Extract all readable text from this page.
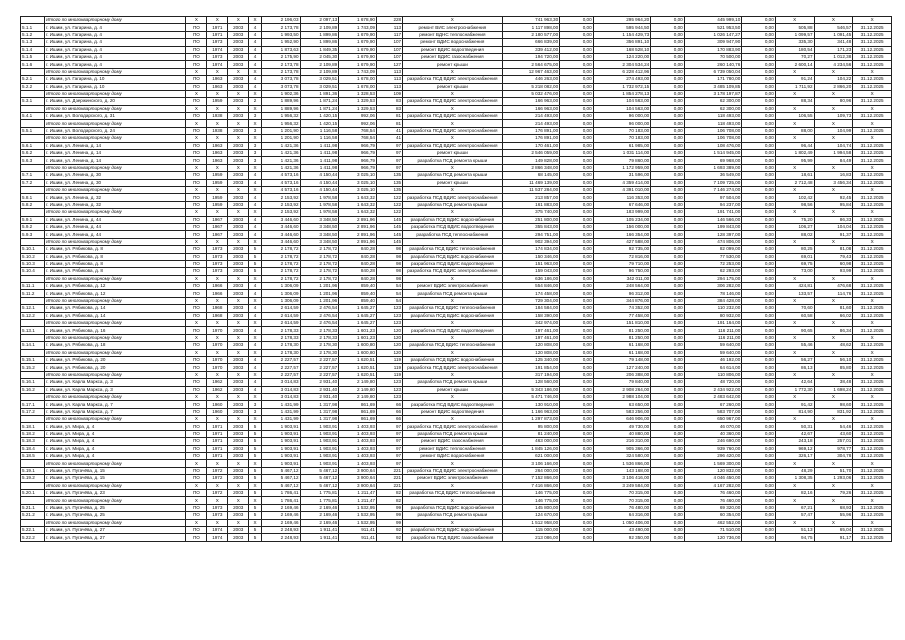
	Итого по многоквартирному дому	X	X	X	X	2 196,03	2 097,13	1 678,90	228	X	741 963,30	0,00	295 964,20	0,00	445 999,10	0,00	X	X	X
5.1.1	г. Ишим, ул. Гагарина, д. 4	ПО	1971	2003	4	2 173,78	2 109,89	1 743,09	113	ремонт ВИС электроснабжения	1 117 898,00	0,00	595 944,50	0,00	521 953,50	0,00	505,88	546,57	31.12.2025
5.1.2	г. Ишим, ул. Гагарина, д. 4	ПО	1971	2003	4	1 993,50	1 899,86	1 679,90	117	ремонт ВДНС теплоснабжения	2 180 577,00	0,00	1 154 429,73	0,00	1 026 147,27	0,00	1 099,57	1 091,45	31.12.2025
5.1.3	г. Ишим, ул. Гагарина, д. 4	ПО	1973	2003	4	1 952,90	1 899,86	1 679,90	107	ремонт ВДИС водоснабжения	666 839,00	0,00	356 891,10	0,00	309 947,90	0,00	335,30	341,48	31.12.2025
5.1.4	г. Ишим, ул. Гагарина, д. 4	ПО	1974	2003	4	1 873,63	1 849,35	1 679,90	107	ремонт ВДИС водоотведения	339 412,00	0,00	168 528,10	0,00	170 883,90	0,00	180,54	171,23	31.12.2025
5.1.5	г. Ишим, ул. Гагарина, д. 4	ПО	1973	2003	4	2 175,90	2 045,30	1 679,90	107	ремонт ВДИС газоснабжения	194 720,00	0,00	124 220,00	0,00	70 500,00	0,00	70,27	1 012,38	31.12.2025
5.1.6	г. Ишим, ул. Гагарина, д. 4	ПО	1974	2003	4	2 173,78	2 109,89	1 679,90	127	ремонт крыши	2 564 675,00	0,00	2 304 534,24	0,00	260 140,76	0,00	2 600,14	4 234,56	31.12.2025
	Итого по многоквартирному дому	X	X	X	X	2 173,78	2 109,89	1 743,09	113	X	12 967 463,00	0,00	6 228 412,96	0,00	6 739 050,04	0,00	X	X	X
5.2.1	г. Ишим, ул. Гагарина, д. 10	ПО	1963	2003	4	3 073,78	3 029,51	1 678,00	113	разработка ПСД ВДИС электроснабжения	446 263,00	0,00	274 493,00	0,00	171 780,00	0,00	91,24	104,22	31.12.2025
5.2.2	г. Ишим, ул. Гагарина, д. 10	ПО	1963	2003	4	3 073,78	3 029,51	1 678,00	113	ремонт крыши	5 218 082,00	0,00	1 732 972,15	0,00	3 485 109,85	0,00	1 711,92	2 866,20	31.12.2025
	Итого по многоквартирному дому	X	X	X	X	1 902,36	1 891,36	1 328,53	109	X	5 032 476,00	0,00	1 854 278,13	0,00	3 178 197,87	0,00	X	X	X
5.3.1	г. Ишим, ул. Дзержинского, д. 20	ПО	1959	2003	2	1 889,96	1 871,24	1 329,53	83	разработка ПСД ВДИС электроснабжения	166 963,00	0,00	104 563,00	0,00	62 300,00	0,00	88,34	80,96	31.12.2025
	Итого по многоквартирному дому	X	X	X	X	1 889,96	1 871,24	1 329,53	83	X	166 963,00	0,00	104 563,00	0,00	62 300,00	0,00	X	X	X
5.4.1	г. Ишим, ул. Володарского, д. 31	ПО	1938	2003	3	1 956,32	1 420,15	992,06	81	разработка ПСД ВДИС электроснабжения	214 493,00	0,00	96 000,00	0,00	118 493,00	0,00	106,55	109,73	31.12.2025
	Итого по многоквартирному дому	X	X	X	X	1 956,32	1 420,15	992,06	81	X	214 493,00	0,00	96 000,00	0,00	118 493,00	0,00	X	X	X
5.5.1	г. Ишим, ул. Володарского, д. 24	ПО	1938	2003	3	1 201,90	1 116,58	768,54	41	разработка ПСД ВДИС электроснабжения	176 891,00	0,00	70 183,00	0,00	106 708,00	0,00	88,00	104,99	31.12.2025
	Итого по многоквартирному дому	X	X	X	X	1 201,90	1 116,58	768,54	41	X	176 891,00	0,00	70 183,00	0,00	106 708,00	0,00	X	X	X
5.6.1	г. Ишим, ул. Ленина, д. 14	ПО	1963	2003	3	1 421,36	1 411,98	966,79	97	разработка ПСД ВДИС электроснабжения	170 461,00	0,00	61 985,00	0,00	108 476,00	0,00	96,44	104,74	31.12.2025
5.6.2	г. Ишим, ул. Ленина, д. 14	ПО	1963	2003	3	1 421,36	1 411,98	966,79	97	ремонт крыши	2 546 059,00	0,00	1 031 114,00	0,00	1 514 945,00	0,00	1 802,49	1 994,58	31.12.2025
5.6.3	г. Ишим, ул. Ленина, д. 14	ПО	1963	2003	3	1 421,36	1 411,98	966,79	97	разработка ПСД ремонта крыши	149 828,00	0,00	79 860,00	0,00	69 968,00	0,00	95,99	84,49	31.12.2025
	Итого по многоквартирному дому	X	X	X	X	1 421,36	1 411,98	966,79	97	X	2 866 348,00	0,00	1 172 959,00	0,00	1 693 389,00	0,00	X	X	X
5.7.1	г. Ишим, ул. Ленина, д. 30	ПО	1959	2003	4	4 573,16	4 150,44	3 025,10	135	разработка ПСД ремонта крыши	68 145,00	0,00	31 596,00	0,00	36 549,00	0,00	18,61	16,83	31.12.2025
5.7.2	г. Ишим, ул. Ленина, д. 30	ПО	1959	2003	4	4 573,16	4 150,44	3 025,10	135	ремонт крыши	11 469 139,00	0,00	4 359 414,00	0,00	7 109 725,00	0,00	2 712,48	3 456,34	31.12.2025
	Итого по многоквартирному дому	X	X	X	X	4 573,16	4 150,44	3 025,10	135	X	11 537 284,00	0,00	4 391 010,00	0,00	7 146 274,00	0,00	X	X	X
5.8.1	г. Ишим, ул. Ленина, д. 32	ПО	1959	2003	4	2 153,92	1 978,58	1 643,32	122	разработка ПСД ВДИС электроснабжения	213 857,00	0,00	116 353,00	0,00	97 504,00	0,00	102,42	92,45	31.12.2025
5.8.2	г. Ишим, ул. Ленина, д. 32	ПО	1959	2003	4	2 153,92	1 978,58	1 643,32	122	разработка ПСД ремонта крыши	161 883,00	0,00	67 646,00	0,00	94 237,00	0,00	98,56	95,84	31.12.2025
	Итого по многоквартирному дому	X	X	X	X	2 153,92	1 978,58	1 643,32	122	X	375 740,00	0,00	183 999,00	0,00	191 741,00	0,00	X	X	X
5.9.1	г. Ишим, ул. Ленина, д. 44	ПО	1967	2003	4	3 446,60	3 348,50	2 891,96	145	разработка ПСД ВДИС водоснабжения	251 800,00	0,00	105 234,00	0,00	146 566,00	0,00	75,20	86,33	31.12.2025
5.9.2	г. Ишим, ул. Ленина, д. 44	ПО	1967	2003	4	3 446,60	3 348,50	2 891,96	145	разработка ПСД ВДИС водоотведения	355 843,00	0,00	156 000,00	0,00	199 843,00	0,00	106,27	104,04	31.12.2025
5.9.3	г. Ишим, ул. Ленина, д. 44	ПО	1967	2003	4	3 446,60	3 348,50	2 891,96	145	разработка ПСД теплоснабжения	294 751,00	0,00	166 354,00	0,00	128 397,00	0,00	88,02	91,37	31.12.2025
	Итого по многоквартирному дому	X	X	X	X	3 446,60	3 348,50	2 891,96	145	X	902 394,00	0,00	427 588,00	0,00	474 806,00	0,00	X	X	X
5.10.1	г. Ишим, ул. Рябикова, д. 8	ПО	1973	2003	5	2 178,72	2 178,72	840,28	98	разработка ПСД ВДИС теплоснабжения	174 834,00	0,00	92 735,00	0,00	82 099,00	0,00	80,25	81,08	31.12.2025
5.10.2	г. Ишим, ул. Рябикова, д. 8	ПО	1973	2003	5	2 178,72	2 178,72	840,28	98	разработка ПСД ВДИС водоснабжения	150 346,00	0,00	72 816,00	0,00	77 530,00	0,00	69,01	79,43	31.12.2025
5.10.3	г. Ишим, ул. Рябикова, д. 8	ПО	1973	2003	5	2 178,72	2 178,72	840,28	98	разработка ПСД ВДИС водоотведения	151 963,00	0,00	79 710,00	0,00	72 253,00	0,00	69,75	60,98	31.12.2025
5.10.4	г. Ишим, ул. Рябикова, д. 8	ПО	1973	2003	5	2 178,72	2 178,72	840,28	98	разработка ПСД ВДИС электроснабжения	159 043,00	0,00	96 750,00	0,00	62 293,00	0,00	73,00	93,99	31.12.2025
	Итого по многоквартирному дому	X	X	X	X	2 178,72	2 178,72	840,28	98	X	636 186,00	0,00	342 011,00	0,00	294 175,00	0,00	X	X	X
5.11.1	г. Ишим, ул. Рябикова, д. 12	ПО	1966	2003	4	1 306,09	1 201,96	859,40	54	ремонт ВДИС электроснабжения	554 846,00	0,00	248 564,00	0,00	306 282,00	0,00	424,81	476,68	31.12.2025
5.11.2	г. Ишим, ул. Рябикова, д. 12	ПО	1966	2003	4	1 306,09	1 201,96	859,40	54	разработка ПСД ремонта крыши	174 458,00	0,00	96 312,00	0,00	78 146,00	0,00	133,57	114,76	31.12.2025
	Итого по многоквартирному дому	X	X	X	X	1 306,09	1 201,96	859,40	54	X	729 304,00	0,00	344 876,00	0,00	384 428,00	0,00	X	X	X
5.12.1	г. Ишим, ул. Рябикова, д. 14	ПО	1968	2003	4	2 614,59	2 476,54	1 645,27	123	разработка ПСД ВДИС теплоснабжения	184 584,00	0,00	74 352,00	0,00	110 232,00	0,00	70,60	81,60	31.12.2025
5.12.2	г. Ишим, ул. Рябикова, д. 14	ПО	1968	2003	4	2 614,59	2 476,54	1 645,27	123	разработка ПСД ВДИС водоснабжения	158 390,00	0,00	77 458,00	0,00	80 932,00	0,00	60,58	66,02	31.12.2025
	Итого по многоквартирному дому	X	X	X	X	2 614,59	2 476,54	1 645,27	123	X	342 974,00	0,00	151 810,00	0,00	191 164,00	0,00	X	X	X
5.13.1	г. Ишим, ул. Рябикова, д. 16	ПО	1970	2003	4	2 178,33	2 178,33	1 601,23	120	разработка ПСД ВДИС водоотведения	197 461,00	0,00	81 250,00	0,00	116 211,00	0,00	90,65	86,34	31.12.2025
	Итого по многоквартирному дому	X	X	X	X	2 178,33	2 178,33	1 601,23	120	X	197 461,00	0,00	81 250,00	0,00	116 211,00	0,00	X	X	X
5.14.1	г. Ишим, ул. Рябикова, д. 18	ПО	1970	2003	4	2 178,30	2 178,30	1 600,80	120	разработка ПСД ВДИС теплоснабжения	120 808,00	0,00	61 168,00	0,00	59 640,00	0,00	55,46	48,62	31.12.2025
	Итого по многоквартирному дому	X	X	X	X	2 178,30	2 178,30	1 600,80	120	X	120 808,00	0,00	61 168,00	0,00	59 640,00	0,00	X	X	X
5.15.1	г. Ишим, ул. Рябикова, д. 20	ПО	1970	2003	4	2 227,57	2 227,57	1 620,51	119	разработка ПСД ВДИС водоснабжения	125 340,00	0,00	79 148,00	0,00	46 192,00	0,00	56,27	56,10	31.12.2025
5.15.2	г. Ишим, ул. Рябикова, д. 20	ПО	1970	2003	4	2 227,57	2 227,57	1 620,51	119	разработка ПСД ВДИС электроснабжения	191 854,00	0,00	127 240,00	0,00	64 614,00	0,00	86,13	85,80	31.12.2025
	Итого по многоквартирному дому	X	X	X	X	2 227,57	2 227,57	1 620,51	119	X	317 194,00	0,00	206 388,00	0,00	110 806,00	0,00	X	X	X
5.16.1	г. Ишим, ул. Карла Маркса, д. 3	ПО	1962	2003	4	3 014,83	2 931,40	2 149,80	123	разработка ПСД ремонта крыши	128 560,00	0,00	79 840,00	0,00	48 720,00	0,00	42,64	38,48	31.12.2025
5.16.2	г. Ишим, ул. Карла Маркса, д. 3	ПО	1962	2003	4	3 014,83	2 931,40	2 149,80	123	ремонт крыши	5 343 186,00	0,00	2 908 264,00	0,00	2 434 922,00	0,00	1 772,30	1 698,24	31.12.2025
	Итого по многоквартирному дому	X	X	X	X	3 014,83	2 931,40	2 149,80	123	X	5 471 746,00	0,00	2 988 104,00	0,00	2 483 642,00	0,00	X	X	X
5.17.1	г. Ишим, ул. Карла Маркса, д. 7	ПО	1960	2003	3	1 431,99	1 317,98	861,69	66	разработка ПСД ВДИС водоотведения	130 910,00	0,00	63 650,00	0,00	67 260,00	0,00	91,42	98,60	31.12.2025
5.17.2	г. Ишим, ул. Карла Маркса, д. 7	ПО	1960	2003	3	1 431,99	1 317,98	861,69	66	ремонт ВДИС водоотведения	1 166 963,00	0,00	583 256,00	0,00	583 707,00	0,00	814,90	831,92	31.12.2025
	Итого по многоквартирному дому	X	X	X	X	1 431,99	1 317,98	861,69	66	X	1 297 873,00	0,00	646 906,00	0,00	650 967,00	0,00	X	X	X
5.18.1	г. Ишим, ул. Мира, д. 4	ПО	1971	2003	5	1 903,91	1 903,91	1 403,93	97	разработка ПСД ВДИС электроснабжения	95 800,00	0,00	49 730,00	0,00	46 070,00	0,00	50,31	54,46	31.12.2025
5.18.2	г. Ишим, ул. Мира, д. 4	ПО	1971	2003	5	1 903,91	1 903,91	1 403,93	97	разработка ПСД ремонта крыши	81 240,00	0,00	40 880,00	0,00	40 360,00	0,00	42,67	43,60	31.12.2025
5.18.3	г. Ишим, ул. Мира, д. 4	ПО	1971	2003	5	1 903,91	1 903,91	1 403,93	97	ремонт ВДИС газоснабжения	463 000,00	0,00	216 310,00	0,00	246 690,00	0,00	243,18	257,01	31.12.2025
5.18.4	г. Ишим, ул. Мира, д. 4	ПО	1971	2003	5	1 903,91	1 903,91	1 403,93	97	ремонт ВДИС теплоснабжения	1 845 126,00	0,00	905 366,00	0,00	939 760,00	0,00	969,12	978,77	31.12.2025
5.18.5	г. Ишим, ул. Мира, д. 4	ПО	1971	2003	5	1 903,91	1 903,91	1 403,93	97	ремонт ВДИС водоснабжения	621 000,00	0,00	324 580,00	0,00	296 420,00	0,00	326,17	304,78	31.12.2025
	Итого по многоквартирному дому	X	X	X	X	1 903,91	1 903,91	1 403,93	97	X	3 106 166,00	0,00	1 536 866,00	0,00	1 569 300,00	0,00	X	X	X
5.19.1	г. Ишим, ул. Пугачёва, д. 15	ПО	1972	2003	5	5 467,12	5 467,12	3 900,64	221	разработка ПСД ВДИС электроснабжения	264 000,00	0,00	143 168,00	0,00	120 832,00	0,00	48,29	51,70	31.12.2025
5.19.2	г. Ишим, ул. Пугачёва, д. 15	ПО	1972	2003	5	5 467,12	5 467,12	3 900,64	221	ремонт ВДИС электроснабжения	7 152 866,00	0,00	3 106 416,00	0,00	4 046 450,00	0,00	1 308,35	1 293,06	31.12.2025
	Итого по многоквартирному дому	X	X	X	X	5 467,12	5 467,12	3 900,64	221	X	7 416 866,00	0,00	3 249 584,00	0,00	4 167 282,00	0,00	X	X	X
5.20.1	г. Ишим, ул. Пугачёва, д. 23	ПО	1972	2003	5	1 786,41	1 775,81	1 211,47	82	разработка ПСД ВДИС теплоснабжения	146 775,00	0,00	70 315,00	0,00	76 460,00	0,00	82,16	79,26	31.12.2025
	Итого по многоквартирному дому	X	X	X	X	1 786,41	1 775,81	1 211,47	82	X	146 775,00	0,00	70 315,00	0,00	76 460,00	0,00	X	X	X
5.21.1	г. Ишим, ул. Пугачёва, д. 25	ПО	1973	2003	5	2 169,46	2 169,46	1 532,95	99	разработка ПСД ВДИС водоснабжения	145 800,00	0,00	76 480,00	0,00	69 320,00	0,00	67,21	68,93	31.12.2025
5.21.2	г. Ишим, ул. Пугачёва, д. 25	ПО	1973	2003	5	2 169,46	2 169,46	1 532,95	99	разработка ПСД ремонта крыши	124 670,00	0,00	64 316,00	0,00	60 354,00	0,00	57,47	55,96	31.12.2025
	Итого по многоквартирному дому	X	X	X	X	2 169,46	2 169,46	1 532,95	99	X	1 512 958,00	0,00	1 050 406,00	0,00	462 552,00	0,00	X	X	X
5.22.1	г. Ишим, ул. Пугачёва, д. 27	ПО	1974	2003	5	2 248,93	1 911,41	911,41	92	разработка ПСД ВДИС водоснабжения	115 000,00	0,00	43 490,00	0,00	71 510,00	0,00	51,13	65,04	31.12.2025
5.22.2	г. Ишим, ул. Пугачёва, д. 27	ПО	1974	2003	5	2 248,93	1 911,41	911,41	92	разработка ПСД ВДИС газоснабжения	213 086,00	0,00	92 350,00	0,00	120 736,00	0,00	94,75	91,17	31.12.2025
